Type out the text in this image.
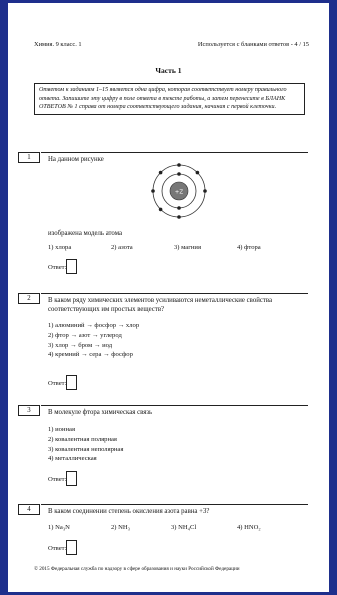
Химия. 9 класс. 1	Используется с бланками ответов - 4 / 15
Часть 1
Ответом к заданиям 1–15 является одна цифра, которая соответствует номеру правильного ответа. Запишите эту цифру в поле ответа в тексте работы, а затем перенесите в БЛАНК ОТВЕТОВ № 1 справа от номера соответствующего задания, начиная с первой клеточки.
1	На данном рисунке
+Z
изображена модель атома
1) хлора	2) азота	3) магния	4) фтора
Ответ:
2	В каком ряду химических элементов усиливаются неметаллические свойства соответствующих им простых веществ?
1) алюминий → фосфор → хлор
2) фтор → азот → углерод
3) хлор → бром → иод
4) кремний → сера → фосфор
Ответ:
3	В молекуле фтора химическая связь
1) ионная
2) ковалентная полярная
3) ковалентная неполярная
4) металлическая
Ответ:
4	В каком соединении степень окисления азота равна +3?
1) Na₃N	2) NH₃	3) NH₄Cl	4) HNO₂
Ответ:
© 2015 Федеральная служба по надзору в сфере образования и науки Российской Федерации
